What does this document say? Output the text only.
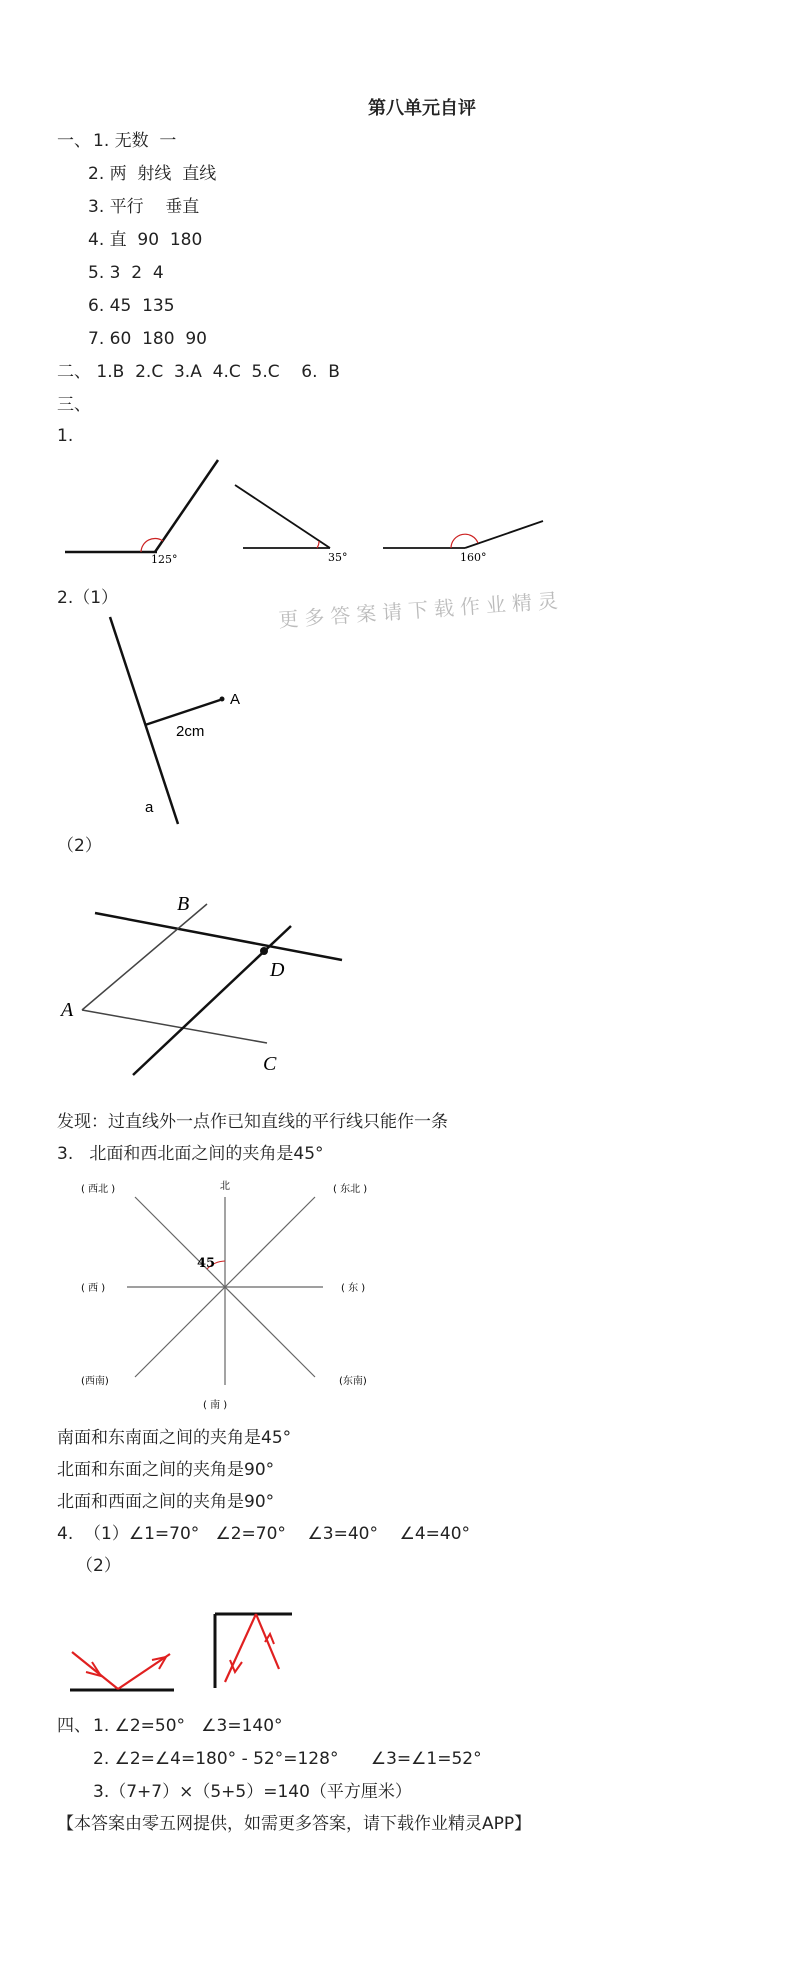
第八单元自评
一、 1. 无数  一
2. 两  射线  直线
3. 平行    垂直
4. 直  90  180
5. 3  2  4
6. 45  135
7. 60  180  90
二、 1.B  2.C  3.A  4.C  5.C    6.  B
三、
1.
125°	35°	160°
2.（1）	更多答案请下载作业精灵
A
2cm
a
（2）
B
D
A
C
发现：过直线外一点作已知直线的平行线只能作一条
3.   北面和西北面之间的夹角是45°
北
( 西北 )	( 东北 )
( 西 )	( 东 )
(西南)	(东南)
( 南 )
45
南面和东南面之间的夹角是45°
北面和东面之间的夹角是90°
北面和西面之间的夹角是90°
4.  （1）∠1=70°   ∠2=70°    ∠3=40°    ∠4=40°
（2）
四、 1. ∠2=50°   ∠3=140°
2. ∠2=∠4=180° - 52°=128°      ∠3=∠1=52°
3.（7+7）×（5+5）=140（平方厘米）
【本答案由零五网提供，如需更多答案，请下载作业精灵APP】
